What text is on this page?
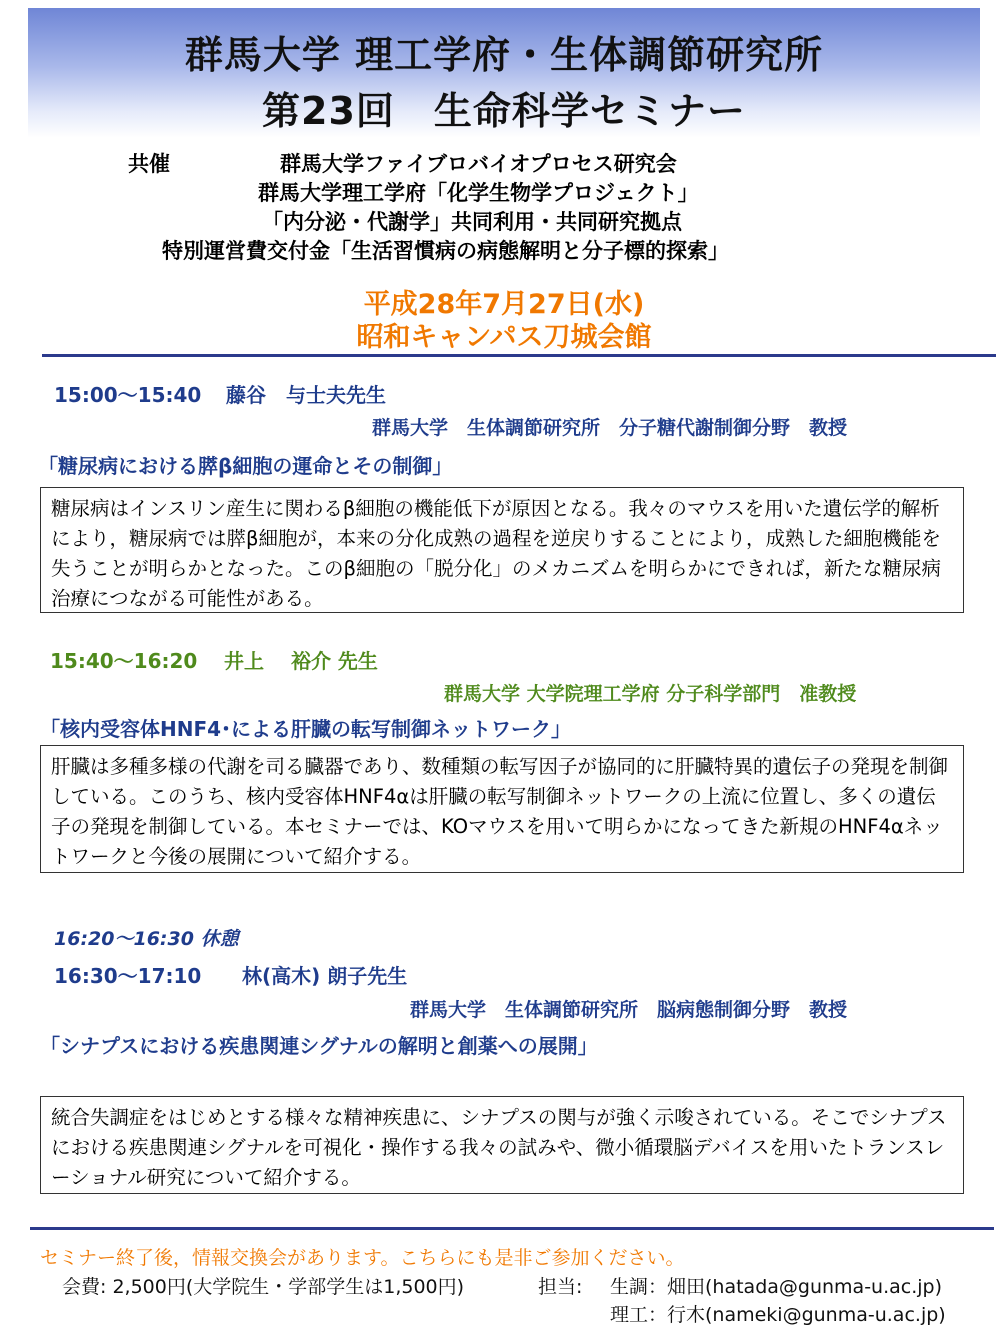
群馬大学 理工学府・生体調節研究所
第23回　生命科学セミナー
共催	群馬大学ファイブロバイオプロセス研究会
群馬大学理工学府「化学生物学プロジェクト」
「内分泌・代謝学」共同利用・共同研究拠点
特別運営費交付金「生活習慣病の病態解明と分子標的探索」
平成28年7月27日(水)
昭和キャンパス刀城会館
15:00～15:40 藤谷　与士夫先生
群馬大学　生体調節研究所　分子糖代謝制御分野　教授
「糖尿病における膵β細胞の運命とその制御」
糖尿病はインスリン産生に関わるβ細胞の機能低下が原因となる。我々のマウスを用いた遺伝学的解析により，糖尿病では膵β細胞が，本来の分化成熟の過程を逆戻りすることにより，成熟した細胞機能を失うことが明らかとなった。このβ細胞の「脱分化」のメカニズムを明らかにできれば，新たな糖尿病治療につながる可能性がある。
15:40～16:20 井上　 裕介 先生
群馬大学 大学院理工学府 分子科学部門　准教授
「核内受容体HNF4･による肝臓の転写制御ネットワーク」
肝臓は多種多様の代謝を司る臓器であり、数種類の転写因子が協同的に肝臓特異的遺伝子の発現を制御している。このうち、核内受容体HNF4αは肝臓の転写制御ネットワークの上流に位置し、多くの遺伝子の発現を制御している。本セミナーでは、KOマウスを用いて明らかになってきた新規のHNF4αネットワークと今後の展開について紹介する。
16:20～16:30 休憩
16:30～17:10 林(高木) 朗子先生
群馬大学　生体調節研究所　脳病態制御分野　教授
「シナプスにおける疾患関連シグナルの解明と創薬への展開」
統合失調症をはじめとする様々な精神疾患に、シナプスの関与が強く示唆されている。そこでシナプスにおける疾患関連シグナルを可視化・操作する我々の試みや、微小循環脳デバイスを用いたトランスレーショナル研究について紹介する。
セミナー終了後，情報交換会があります。こちらにも是非ご参加ください。
会費: 2,500円(大学院生・学部学生は1,500円)	担当: 生調：畑田(hatada@gunma-u.ac.jp)
理工：行木(nameki@gunma-u.ac.jp)
